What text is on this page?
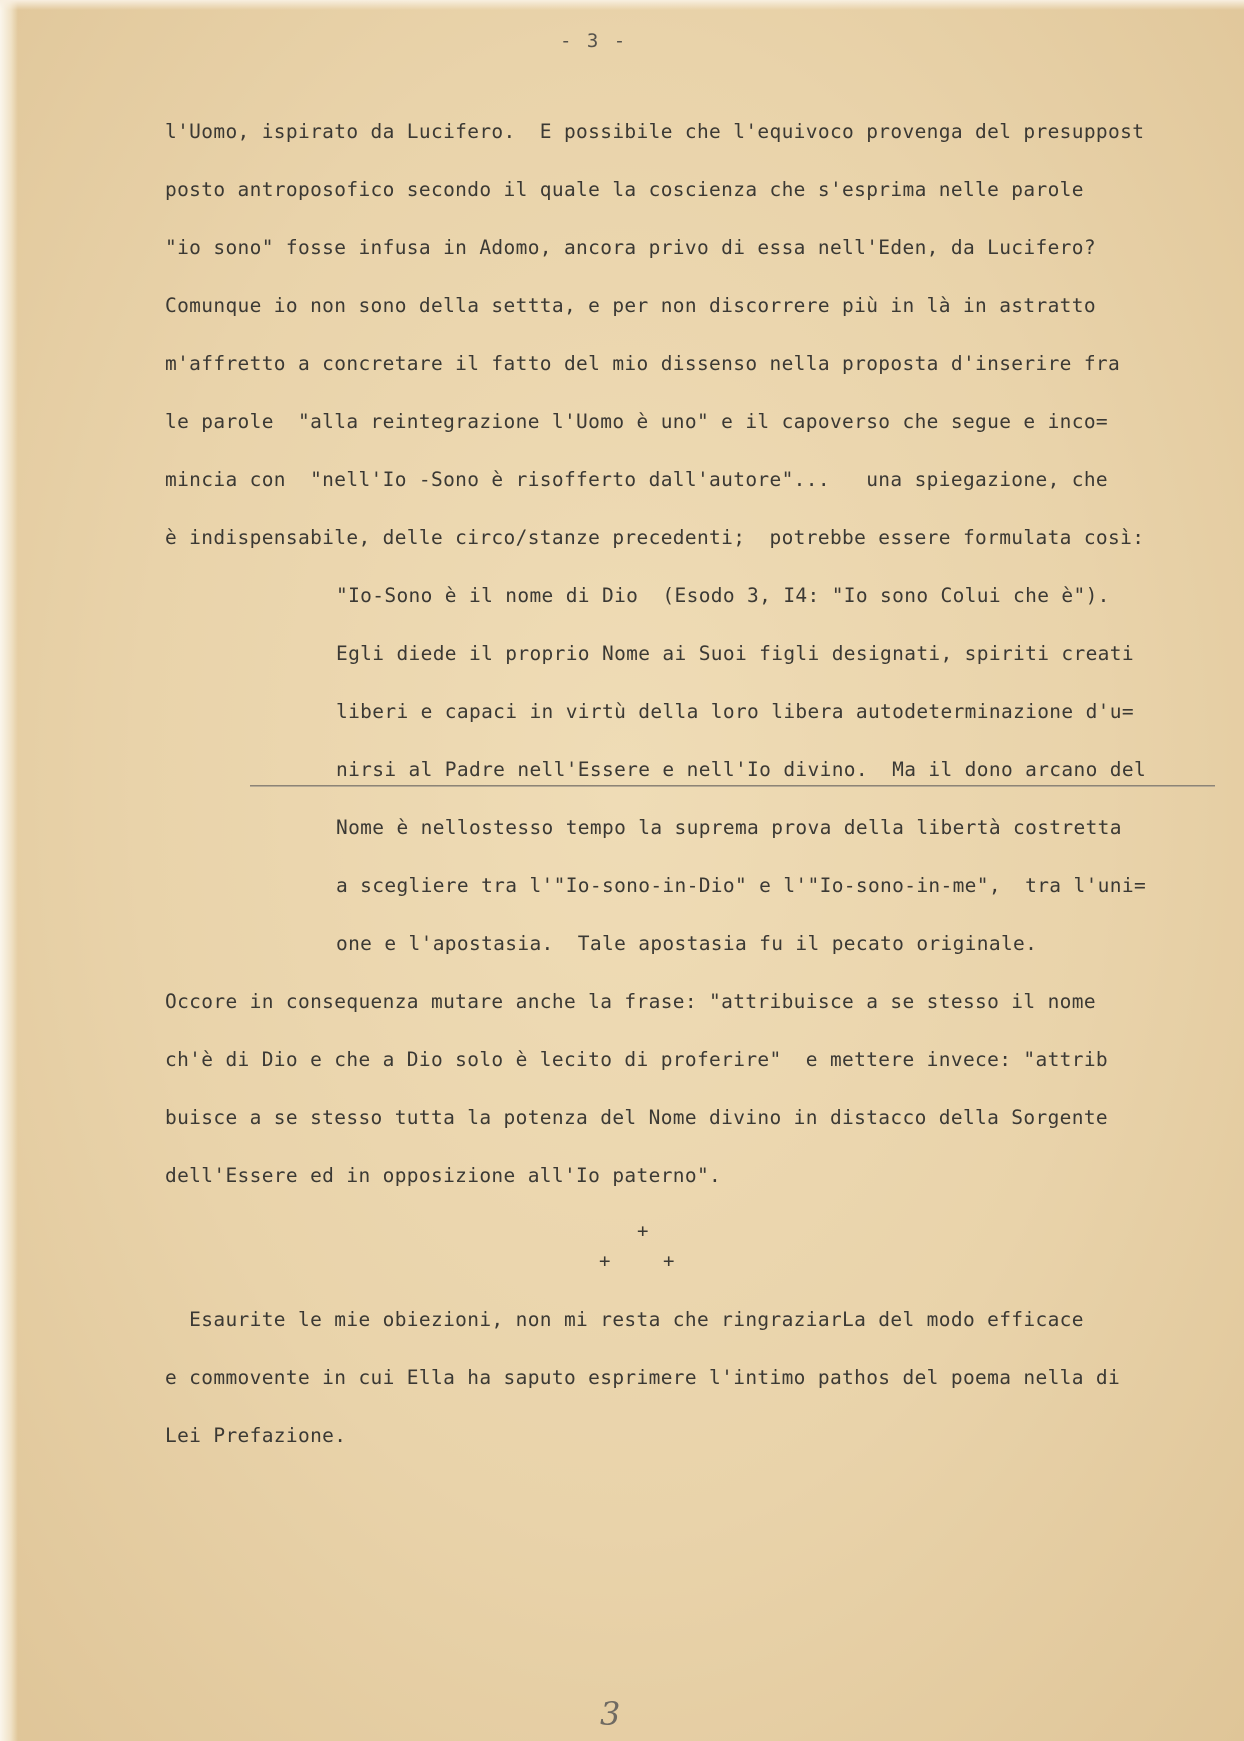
- 3 -
l'Uomo, ispirato da Lucifero.  E possibile che l'equivoco provenga del presuppost
posto antroposofico secondo il quale la coscienza che s'esprima nelle parole
"io sono" fosse infusa in Adomo, ancora privo di essa nell'Eden, da Lucifero?
Comunque io non sono della settta, e per non discorrere più in là in astratto
m'affretto a concretare il fatto del mio dissenso nella proposta d'inserire fra
le parole  "alla reintegrazione l'Uomo è uno" e il capoverso che segue e inco=
mincia con  "nell'Io -Sono è risofferto dall'autore"...   una spiegazione, che
è indispensabile, delle circo/stanze precedenti;  potrebbe essere formulata così:
"Io-Sono è il nome di Dio  (Esodo 3, I4: "Io sono Colui che è").
Egli diede il proprio Nome ai Suoi figli designati, spiriti creati
liberi e capaci in virtù della loro libera autodeterminazione d'u=
nirsi al Padre nell'Essere e nell'Io divino.  Ma il dono arcano del
Nome è nellostesso tempo la suprema prova della libertà costretta
a scegliere tra l'"Io-sono-in-Dio" e l'"Io-sono-in-me",  tra l'uni=
one e l'apostasia.  Tale apostasia fu il pecato originale.
Occore in consequenza mutare anche la frase: "attribuisce a se stesso il nome
ch'è di Dio e che a Dio solo è lecito di proferire"  e mettere invece: "attrib
buisce a se stesso tutta la potenza del Nome divino in distacco della Sorgente
dell'Essere ed in opposizione all'Io paterno".
+
+	+
Esaurite le mie obiezioni, non mi resta che ringraziarLa del modo efficace
e commovente in cui Ella ha saputo esprimere l'intimo pathos del poema nella di
Lei Prefazione.
3
